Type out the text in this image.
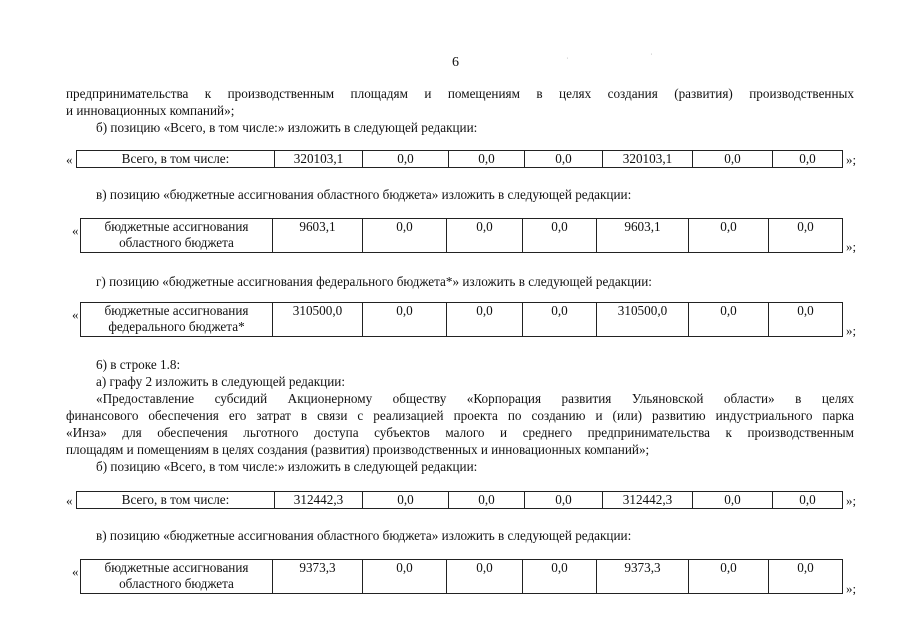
6	˙	˙
предпринимательства к производственным площадям и помещениям в целях создания (развития) производственных
и инновационных компаний»;
б) позицию «Всего, в том числе:» изложить в следующей редакции:
«	Всего, в том числе:	320103,1	0,0	0,0	0,0	320103,1	0,0	0,0 »;
в) позицию «бюджетные ассигнования областного бюджета» изложить в следующей редакции:
« бюджетные ассигнования
областного бюджета	9603,1	0,0	0,0	0,0	9603,1	0,0	0,0
»;
г) позицию «бюджетные ассигнования федерального бюджета*» изложить в следующей редакции:
« бюджетные ассигнования
федерального бюджета*	310500,0	0,0	0,0	0,0	310500,0	0,0	0,0
»;
6) в строке 1.8:
а) графу 2 изложить в следующей редакции:
«Предоставление субсидий Акционерному обществу «Корпорация развития Ульяновской области» в целях
финансового обеспечения его затрат в связи с реализацией проекта по созданию и (или) развитию индустриального парка
«Инза» для обеспечения льготного доступа субъектов малого и среднего предпринимательства к производственным
площадям и помещениям в целях создания (развития) производственных и инновационных компаний»;
б) позицию «Всего, в том числе:» изложить в следующей редакции:
«	Всего, в том числе:	312442,3	0,0	0,0	0,0	312442,3	0,0	0,0 »;
в) позицию «бюджетные ассигнования областного бюджета» изложить в следующей редакции:
« бюджетные ассигнования
областного бюджета	9373,3	0,0	0,0	0,0	9373,3	0,0	0,0
»;
